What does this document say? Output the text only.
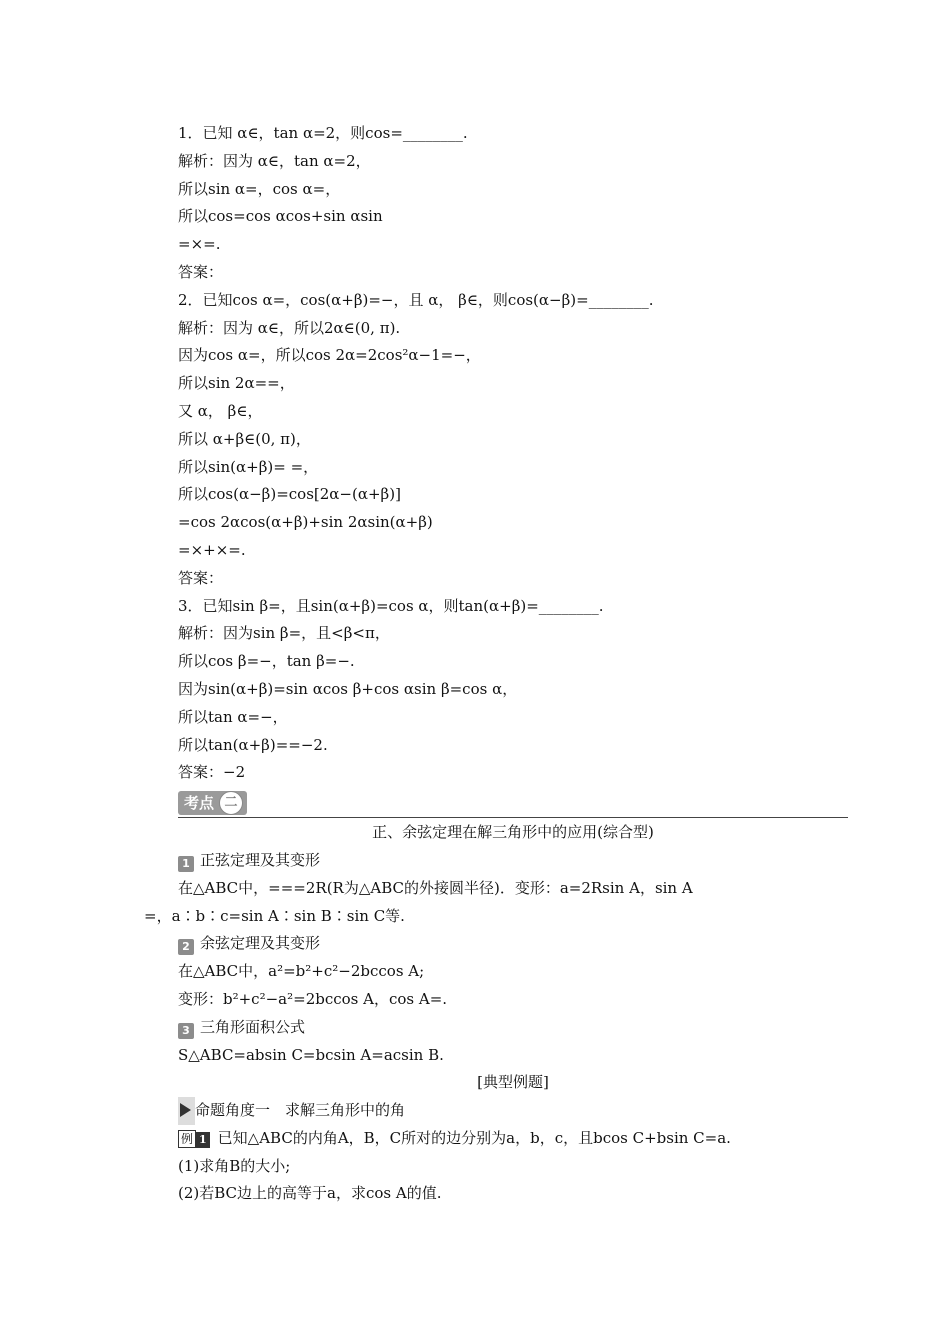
1．已知 α∈，tan α=2，则cos=________.
解析：因为 α∈，tan α=2，
所以sin α=，cos α=，
所以cos=cos αcos+sin αsin
=×=.
答案：
2．已知cos α=，cos(α+β)=−，且 α， β∈，则cos(α−β)=________.
解析：因为 α∈，所以2α∈(0, π).
因为cos α=，所以cos 2α=2cos²α−1=−，
所以sin 2α==，
又 α， β∈，
所以 α+β∈(0, π)，
所以sin(α+β)= =，
所以cos(α−β)=cos[2α−(α+β)]
=cos 2αcos(α+β)+sin 2αsin(α+β)
=×+×=.
答案：
3．已知sin β=，且sin(α+β)=cos α，则tan(α+β)=________.
解析：因为sin β=，且<β<π，
所以cos β=−，tan β=−.
因为sin(α+β)=sin αcos β+cos αsin β=cos α，
所以tan α=−，
所以tan(α+β)==−2.
答案：−2
考点 二
正、余弦定理在解三角形中的应用(综合型)
1 正弦定理及其变形
在△ABC中，===2R(R为△ABC的外接圆半径)．变形：a=2Rsin A，sin A
=，a∶b∶c=sin A∶sin B∶sin C等.
2 余弦定理及其变形
在△ABC中，a²=b²+c²−2bccos A;
变形：b²+c²−a²=2bccos A，cos A=.
3 三角形面积公式
S△ABC=absin C=bcsin A=acsin B.
[典型例题]
命题角度一　求解三角形中的角
例 1 已知△ABC的内角A，B，C所对的边分别为a，b，c，且bcos C+bsin C=a.
(1)求角B的大小;
(2)若BC边上的高等于a，求cos A的值.
